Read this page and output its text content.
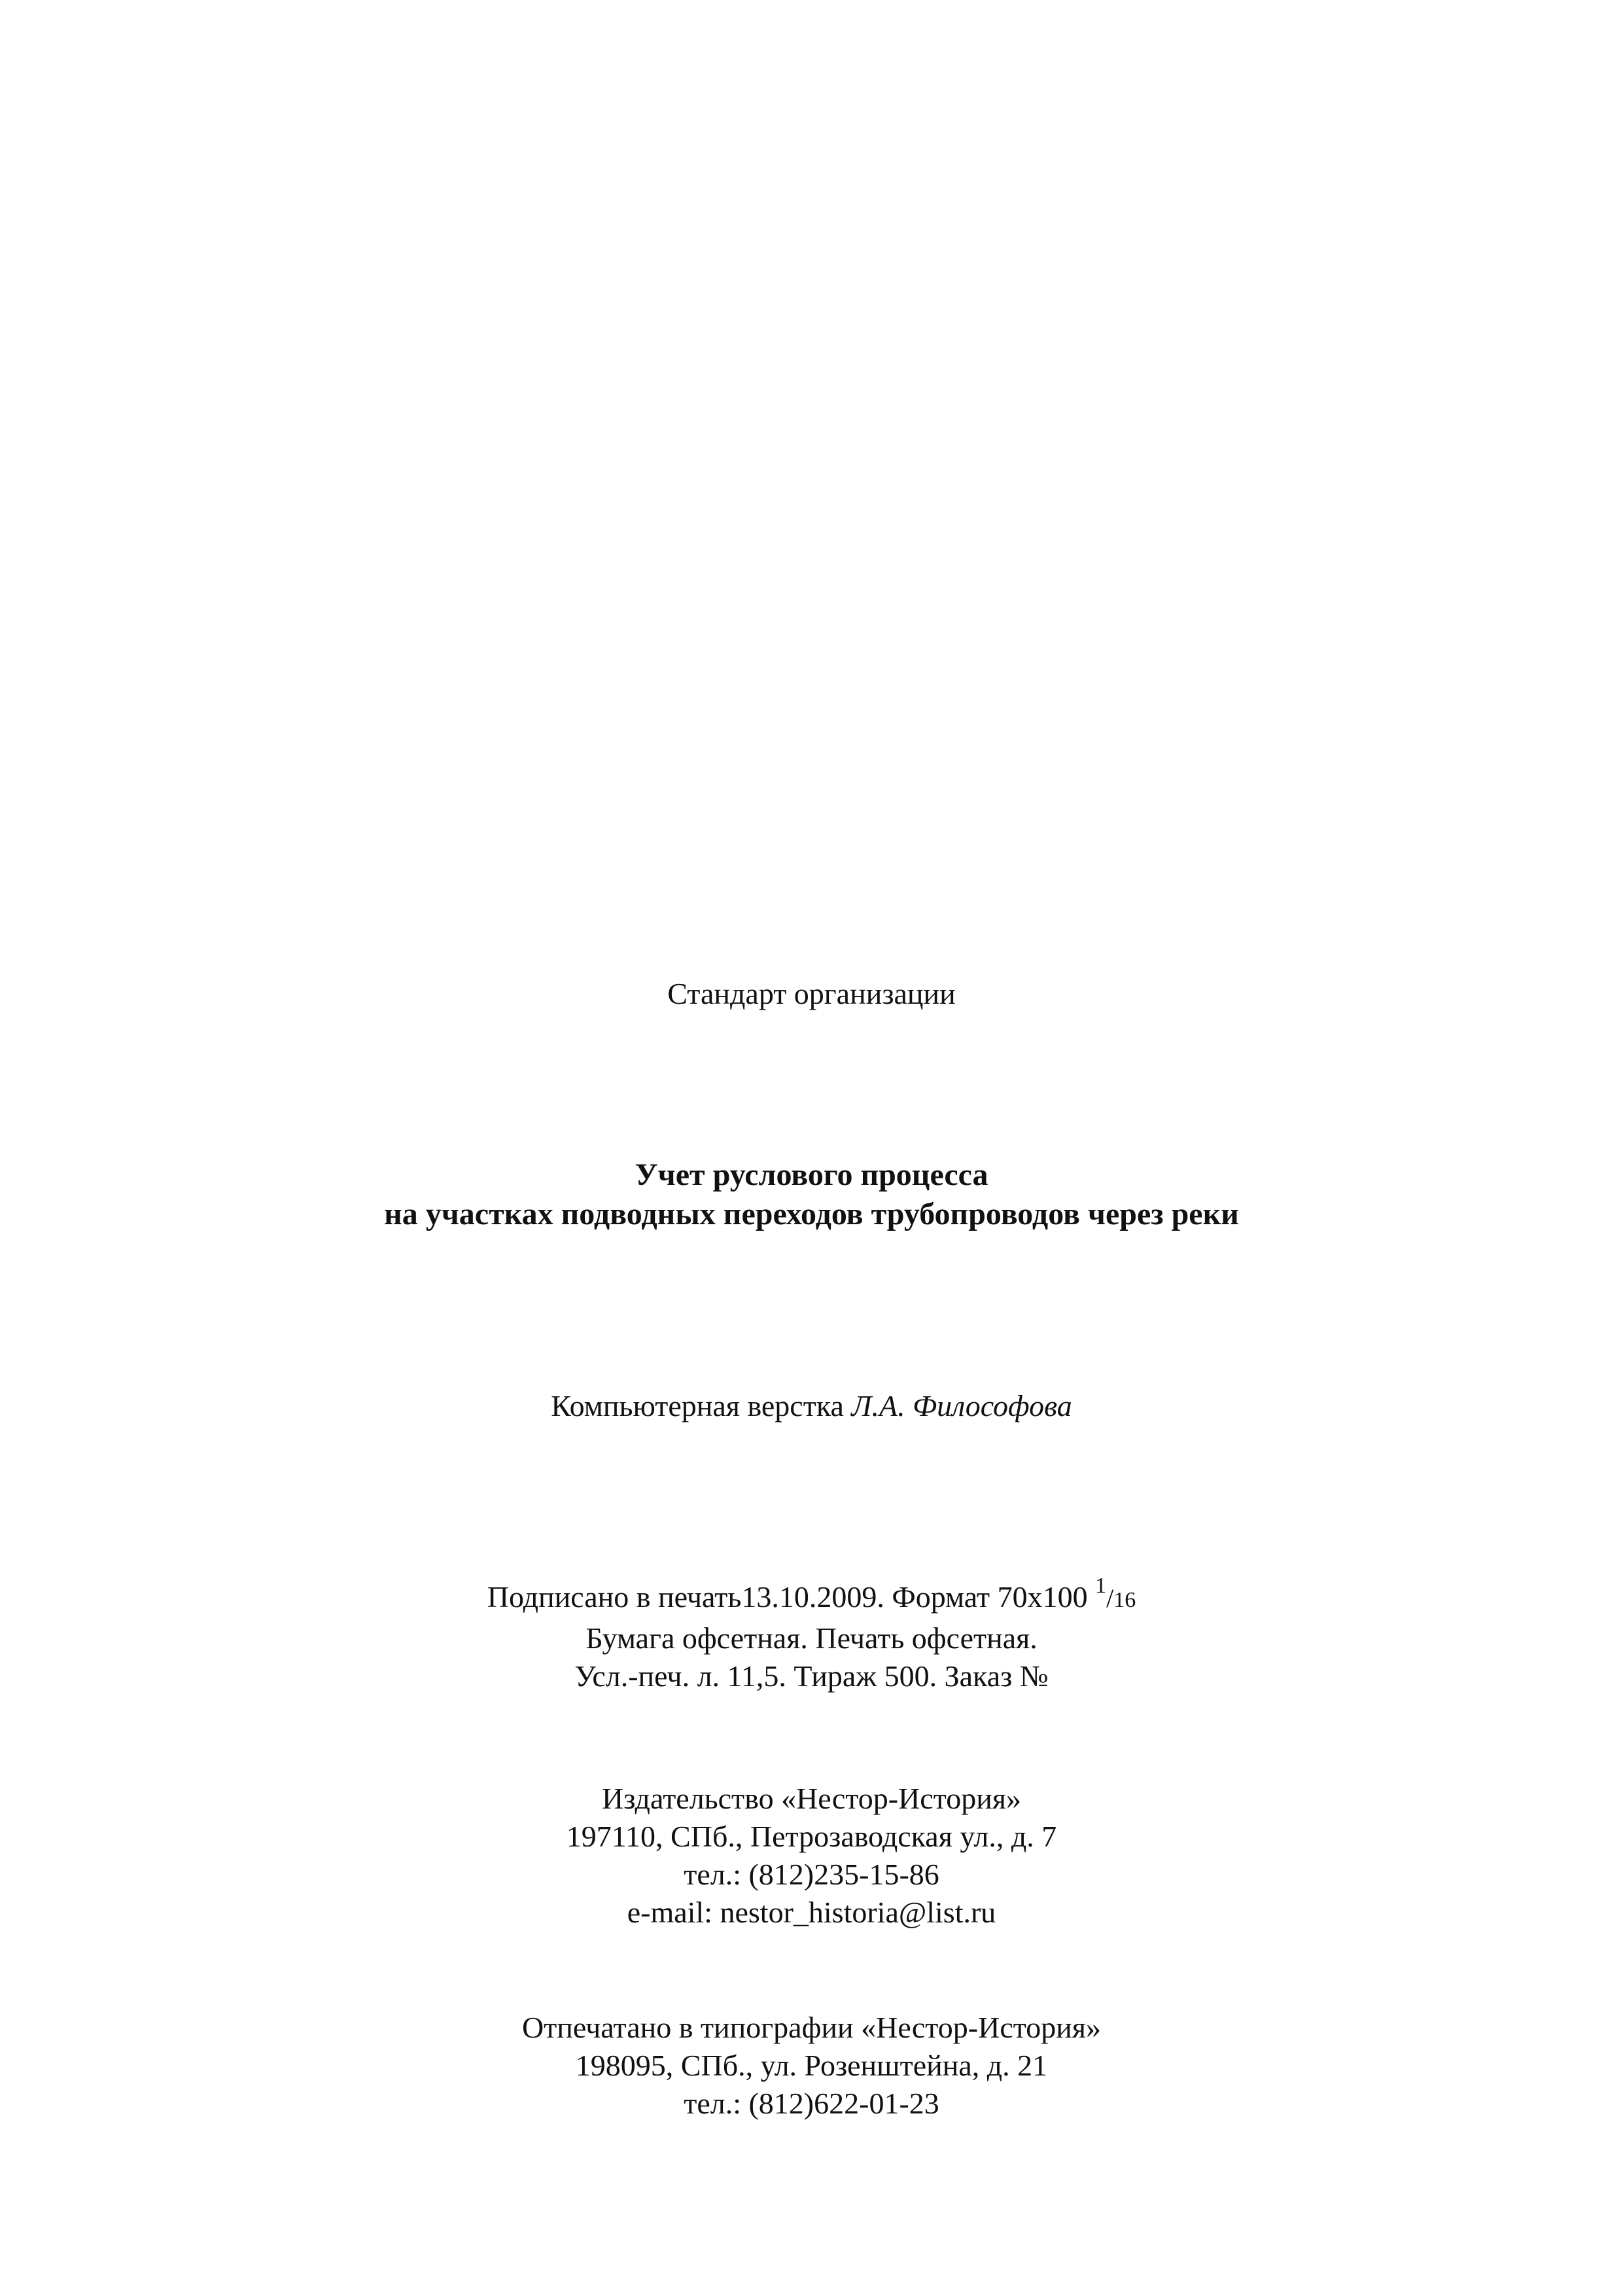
Стандарт организации
Учет руслового процесса
на участках подводных переходов трубопроводов через реки
Компьютерная верстка Л.А. Философова
Подписано в печать13.10.2009. Формат 70х100 $^1$/16
Бумага офсетная. Печать офсетная.
Усл.-печ. л. 11,5. Тираж 500. Заказ №
Издательство «Нестор-История»
197110, СПб., Петрозаводская ул., д. 7
тел.: (812)235-15-86
e-mail: nestor_historia@list.ru
Отпечатано в типографии «Нестор-История»
198095, СПб., ул. Розенштейна, д. 21
тел.: (812)622-01-23
